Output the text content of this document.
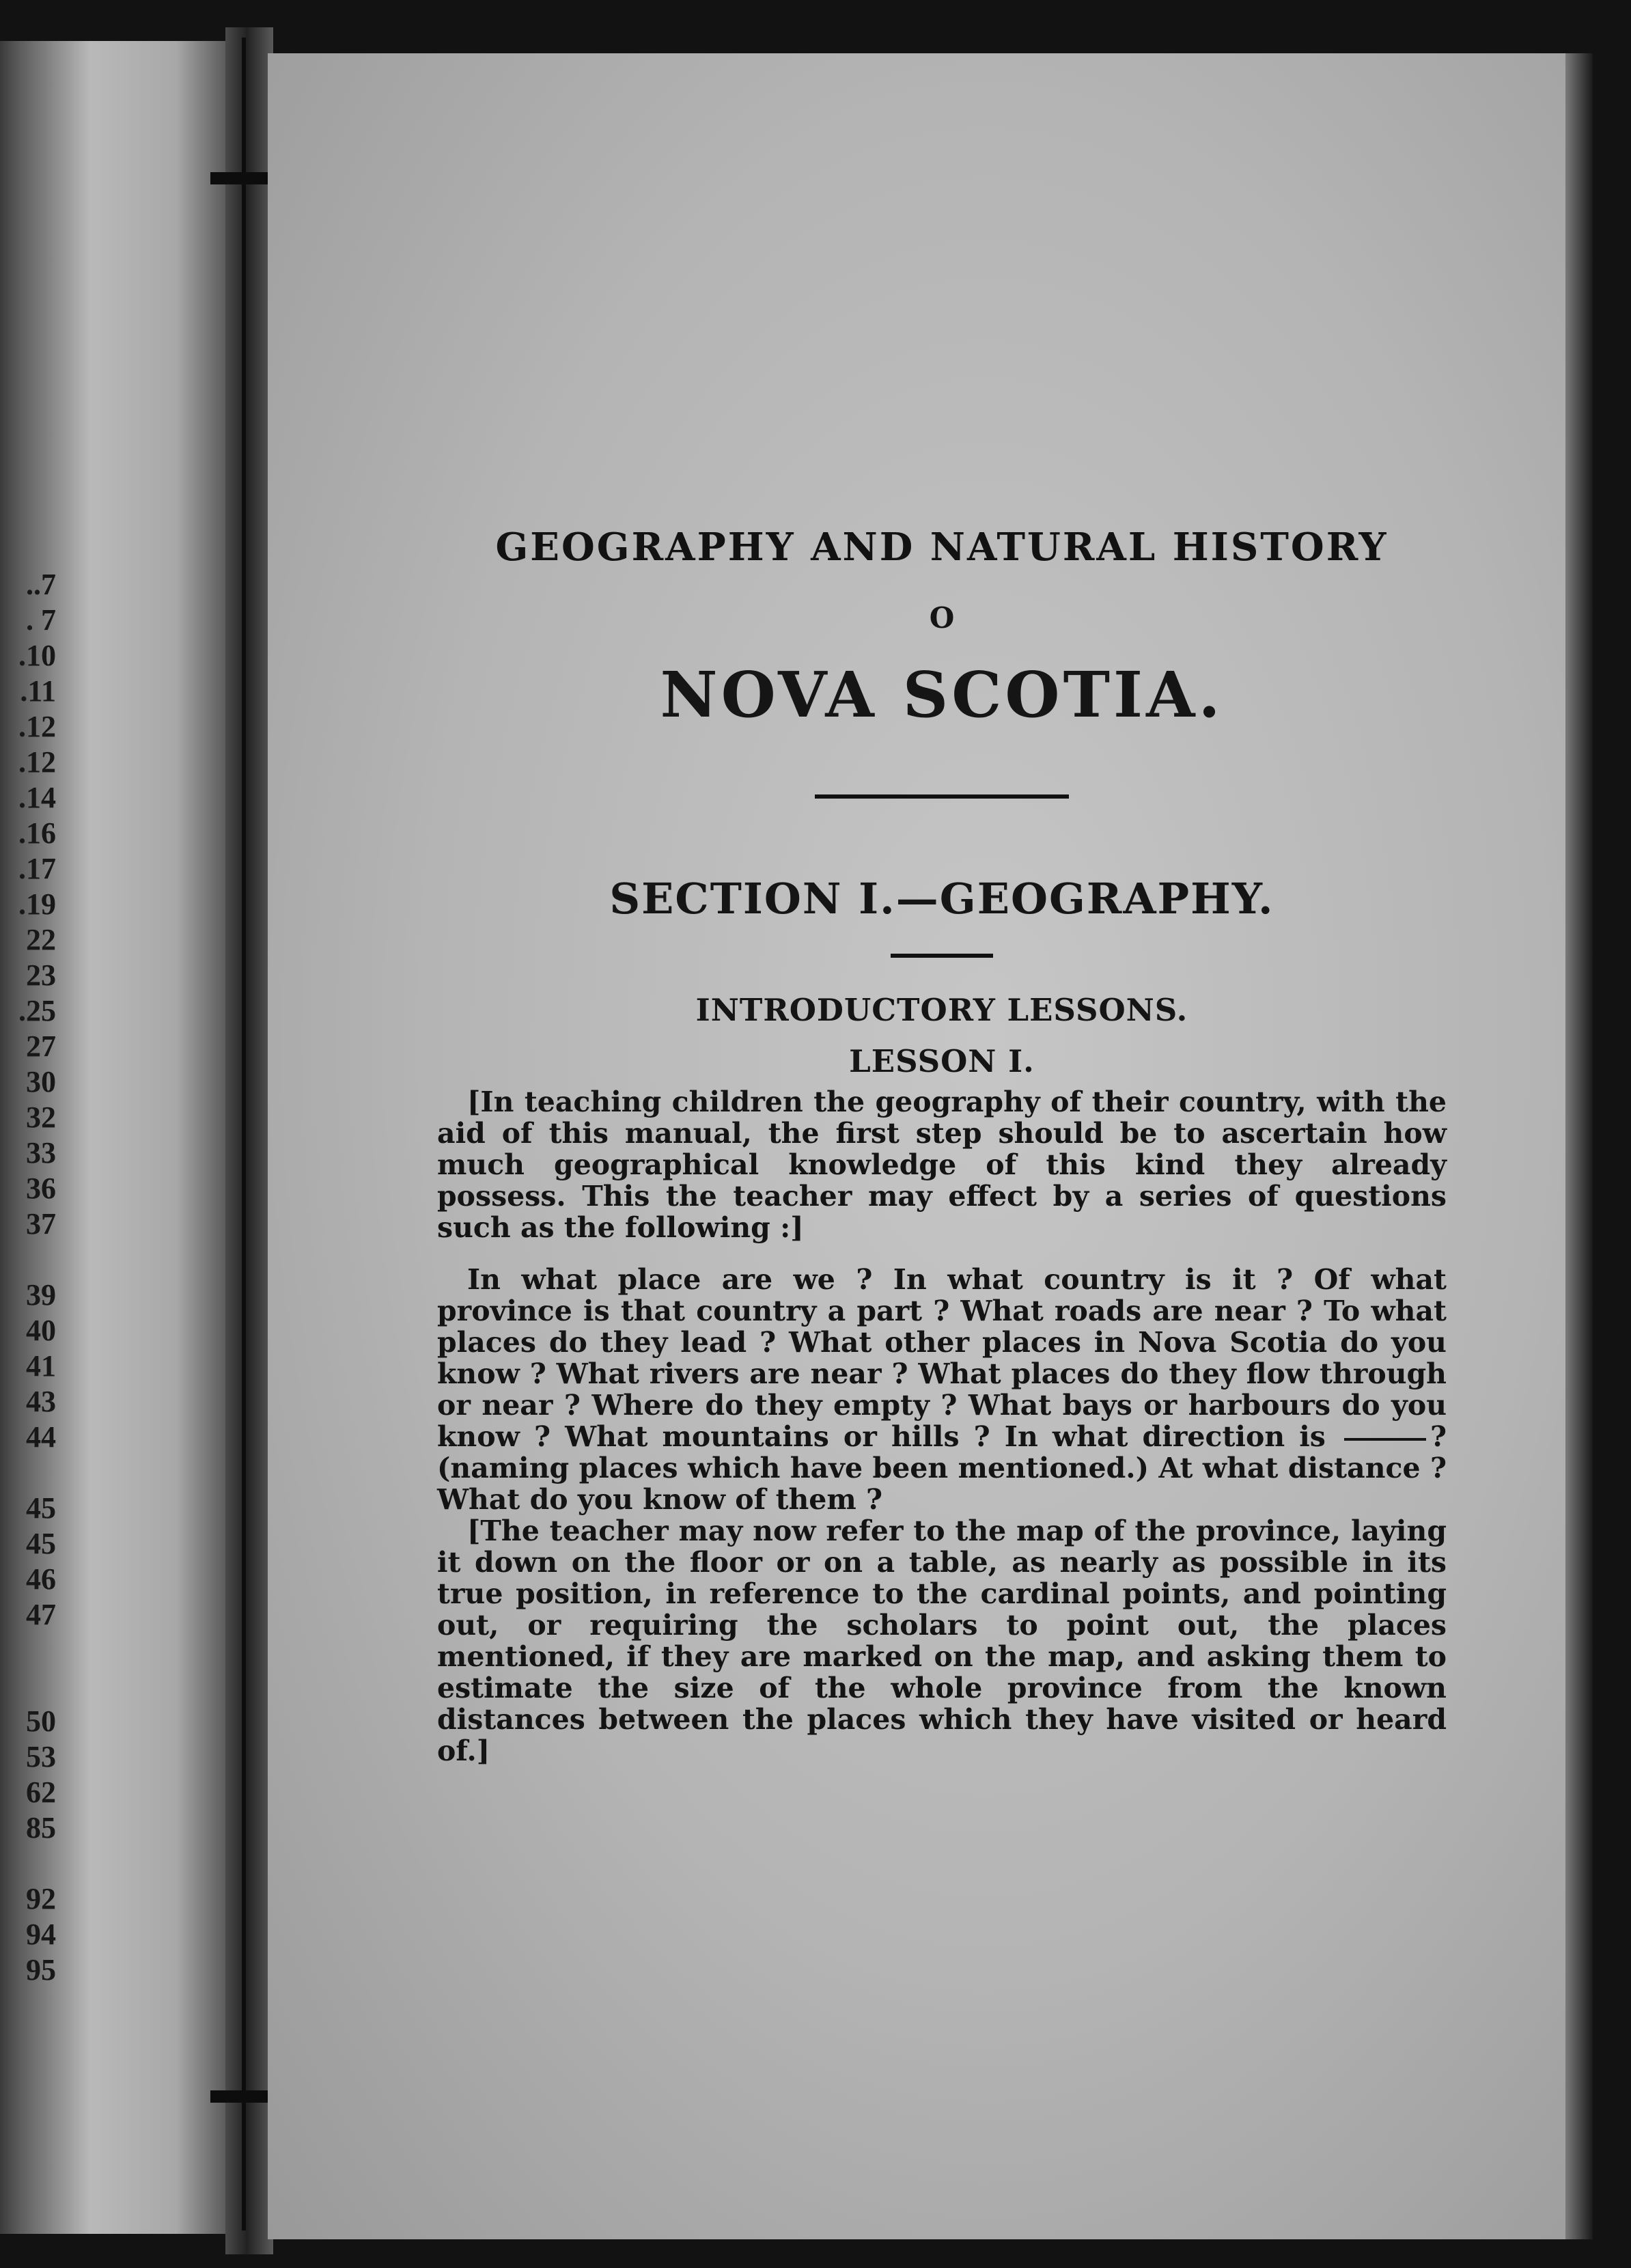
..7
. 7
.10
.11
.12
.12
.14
.16
.17
.19
22
23
.25
27
30
32
33
36
37
39
40
41
43
44
45
45
46
47
50
53
62
85
92
94
95
GEOGRAPHY AND NATURAL HISTORY
O
NOVA SCOTIA.
SECTION I.—GEOGRAPHY.
INTRODUCTORY LESSONS.
LESSON I.

[In teaching children the geography of their country, with the aid of this manual, the first step should be to ascertain how much geographical knowledge of this kind they already possess. This the teacher may effect by a series of questions such as the following :]

In what place are we ? In what country is it ? Of what province is that country a part ? What roads are near ? To what places do they lead ? What other places in Nova Scotia do you know ? What rivers are near ? What places do they flow through or near ? Where do they empty ? What bays or harbours do you know ? What mountains or hills ? In what direction is	? (naming places which have been mentioned.) At what distance ? What do you know of them ?

[The teacher may now refer to the map of the province, laying it down on the floor or on a table, as nearly as possible in its true position, in reference to the cardinal points, and pointing out, or requiring the scholars to point out, the places mentioned, if they are marked on the map, and asking them to estimate the size of the whole province from the known distances between the places which they have visited or heard of.]
